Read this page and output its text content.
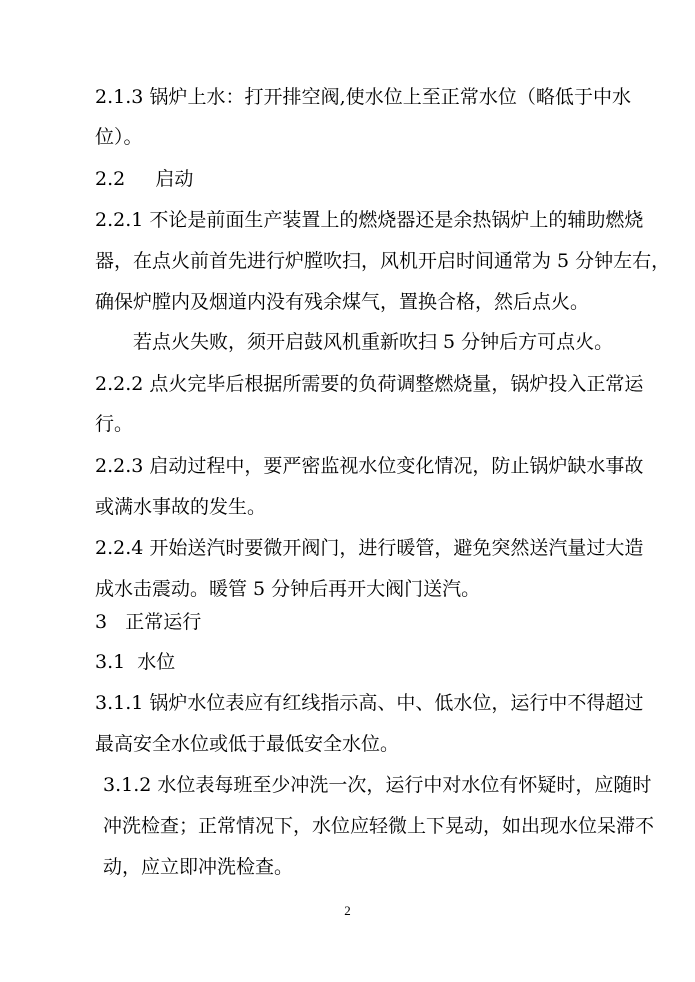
2.1.3 锅炉上水：打开排空阀,使水位上至正常水位（略低于中水
位）。
2.2     启动
2.2.1 不论是前面生产装置上的燃烧器还是余热锅炉上的辅助燃烧
器，在点火前首先进行炉膛吹扫，风机开启时间通常为 5 分钟左右，
确保炉膛内及烟道内没有残余煤气，置换合格，然后点火。
若点火失败，须开启鼓风机重新吹扫 5 分钟后方可点火。
2.2.2 点火完毕后根据所需要的负荷调整燃烧量，锅炉投入正常运
行。
2.2.3 启动过程中，要严密监视水位变化情况，防止锅炉缺水事故
或满水事故的发生。
2.2.4 开始送汽时要微开阀门，进行暖管，避免突然送汽量过大造
成水击震动。暖管 5 分钟后再开大阀门送汽。
3   正常运行
3.1  水位
3.1.1 锅炉水位表应有红线指示高、中、低水位，运行中不得超过
最高安全水位或低于最低安全水位。
3.1.2 水位表每班至少冲洗一次，运行中对水位有怀疑时，应随时
冲洗检查；正常情况下，水位应轻微上下晃动，如出现水位呆滞不
动，应立即冲洗检查。
2
